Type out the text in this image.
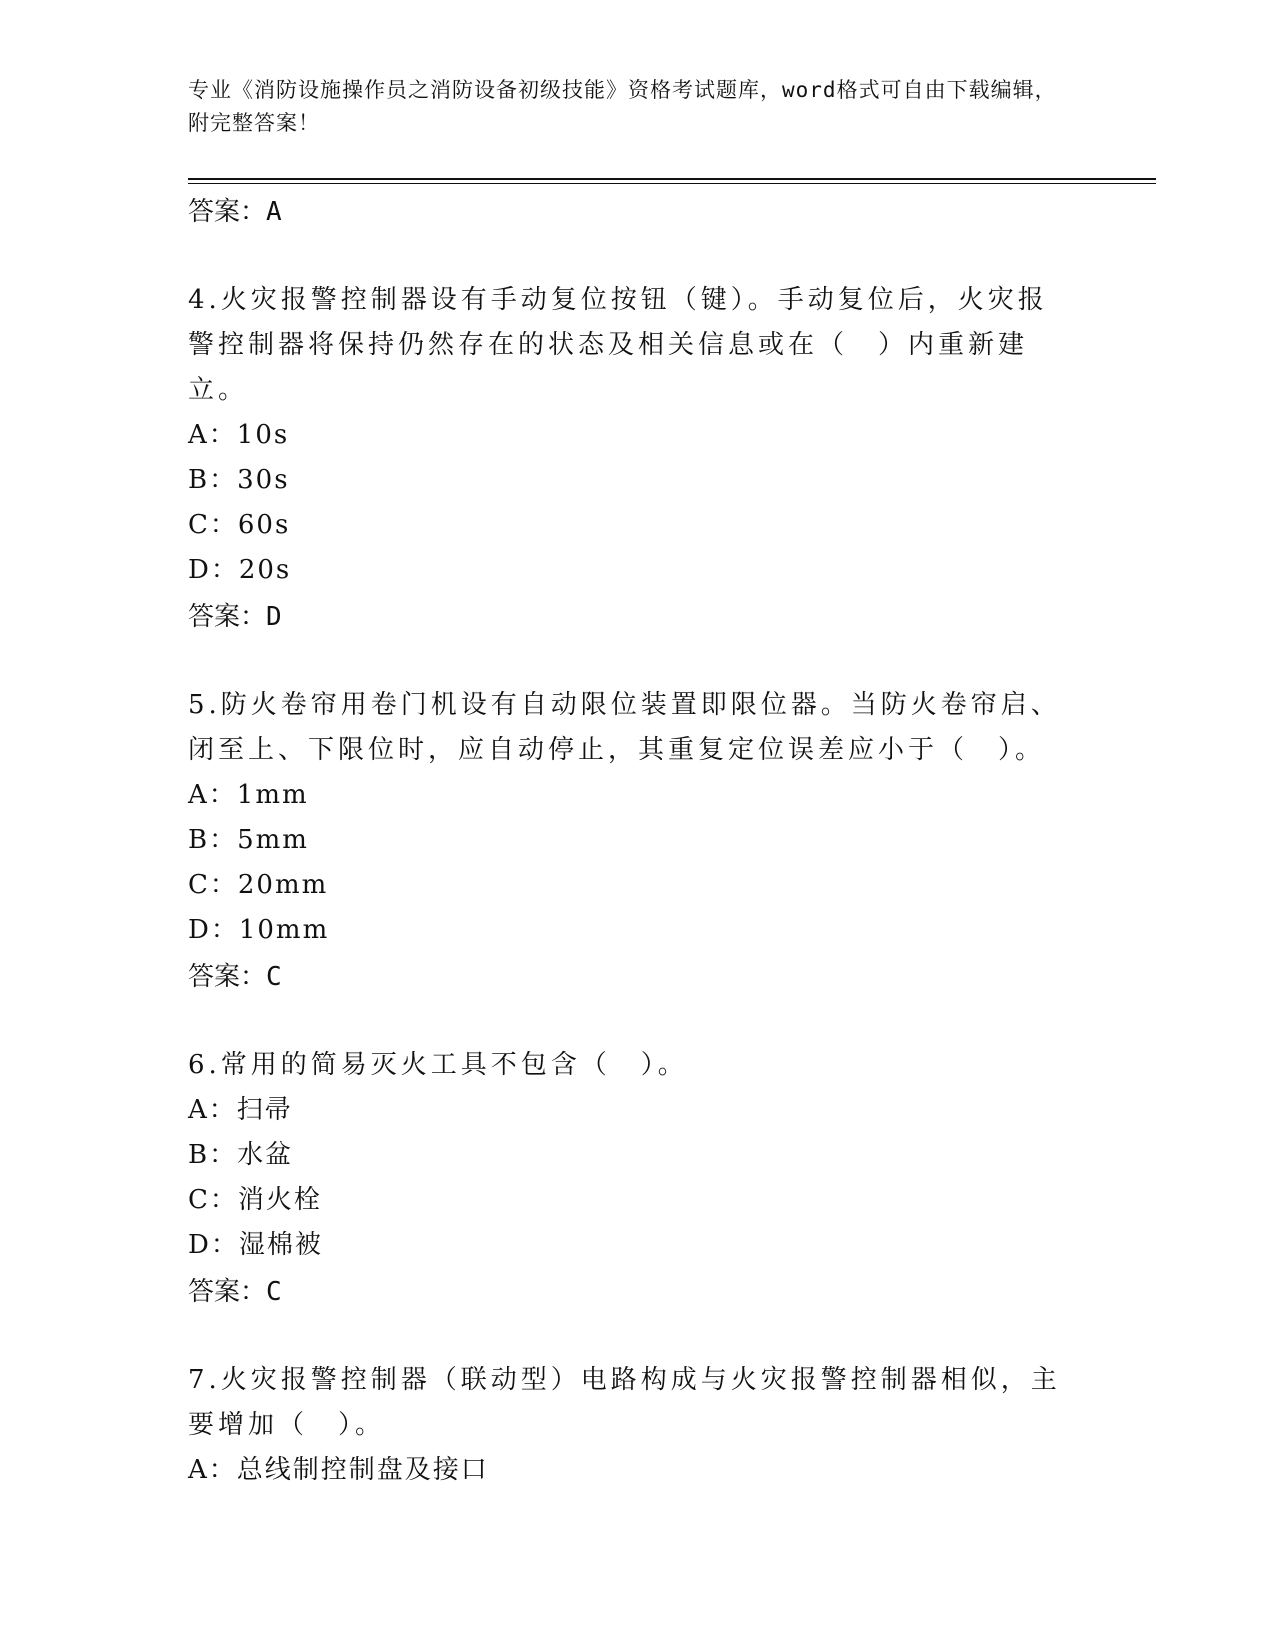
专业《消防设施操作员之消防设备初级技能》资格考试题库，word格式可自由下载编辑，附完整答案！

答案：A

4.火灾报警控制器设有手动复位按钮（键）。手动复位后，火灾报警控制器将保持仍然存在的状态及相关信息或在（　）内重新建立。

A：10s

B：30s

C：60s

D：20s

答案：D

5.防火卷帘用卷门机设有自动限位装置即限位器。当防火卷帘启、闭至上、下限位时，应自动停止，其重复定位误差应小于（　）。

A：1mm

B：5mm

C：20mm

D：10mm

答案：C

6.常用的简易灭火工具不包含（　）。

A：扫帚

B：水盆

C：消火栓

D：湿棉被

答案：C

7.火灾报警控制器（联动型）电路构成与火灾报警控制器相似，主要增加（　）。

A：总线制控制盘及接口
